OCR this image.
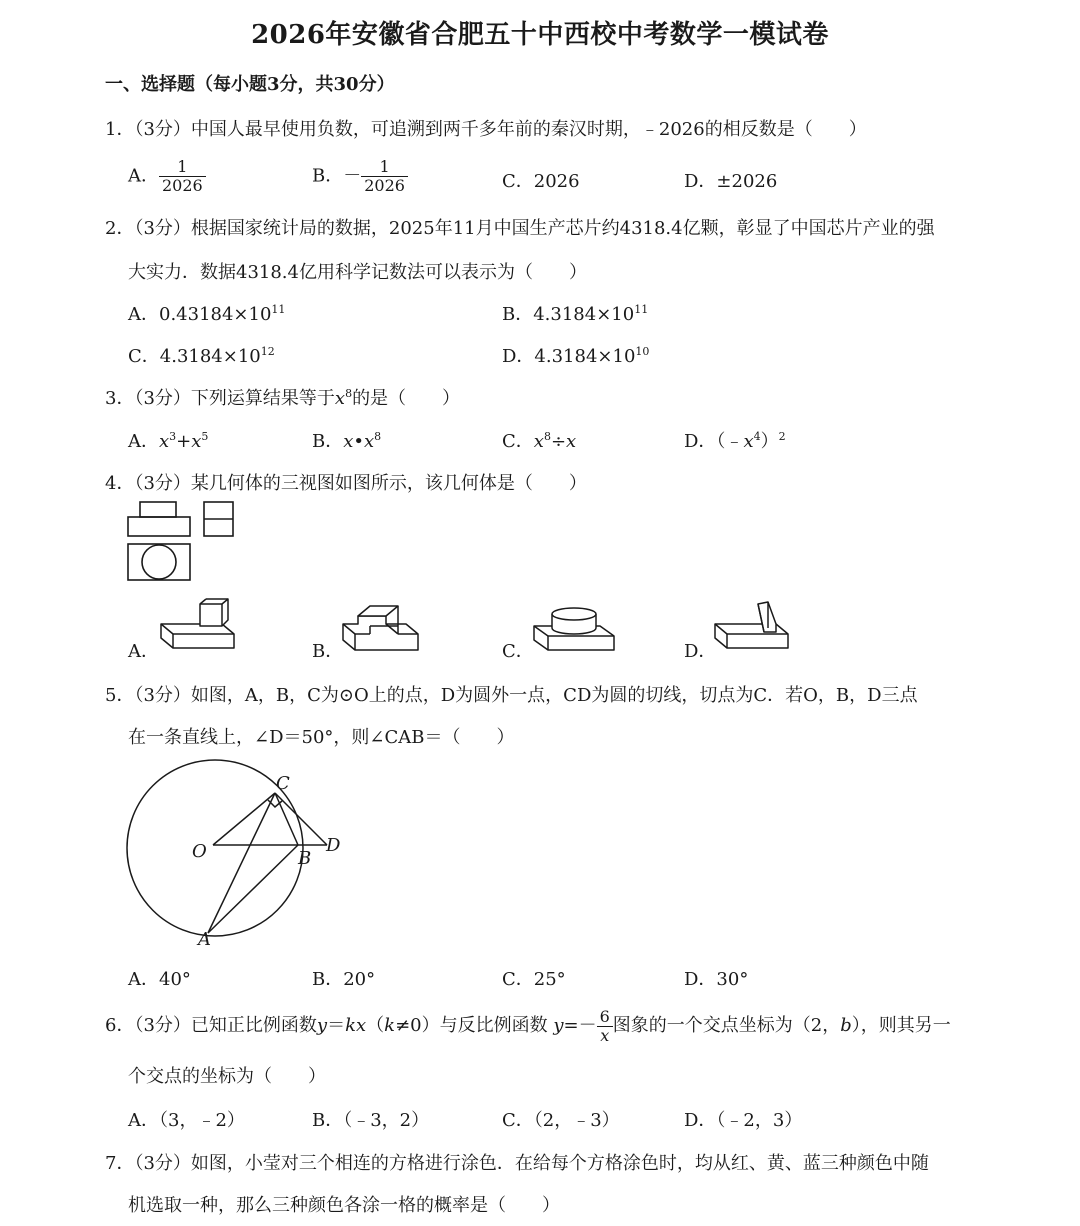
2026年安徽省合肥五十中西校中考数学一模试卷
一、选择题（每小题3分，共30分）
1．（3分）中国人最早使用负数，可追溯到两千多年前的秦汉时期，﹣2026的相反数是（　　）
A． $\frac{1}{2026}$	B．－ $\frac{1}{2026}$	C．2026	D．±2026
2．（3分）根据国家统计局的数据，2025年11月中国生产芯片约4318.4亿颗，彰显了中国芯片产业的强
大实力．数据4318.4亿用科学记数法可以表示为（　　）
A．$0.43184\times 10^{11}$	B．$4.3184\times 10^{11}$
C．$4.3184\times 10^{12}$	D．$4.3184\times 10^{10}$
3．（3分）下列运算结果等于$x^8$的是（　　）
A．$x^3+x^5$	B．$x•x^8$	C．$x^8\div x$	D．$(﹣x^4)^2$
4．（3分）某几何体的三视图如图所示，该几何体是（　　）
A．	B．	C．	D．
5．（3分）如图，A，B，C为⊙O上的点，D为圆外一点，CD为圆的切线，切点为C．若O，B，D三点
在一条直线上，∠D＝50°，则∠CAB＝（　　）
C
O	B
D
A
A．40°	B．20°	C．25°	D．30°
6．（3分）已知正比例函数y＝kx（k≠0）与反比例函数 $y=- \frac{6}{x}$ 图象的一个交点坐标为（2，b），则其另一
个交点的坐标为（　　）
A．（3，﹣2）	B．（﹣3，2）	C．（2，﹣3）	D．（﹣2，3）
7．（3分）如图，小莹对三个相连的方格进行涂色．在给每个方格涂色时，均从红、黄、蓝三种颜色中随
机选取一种，那么三种颜色各涂一格的概率是（　　）
